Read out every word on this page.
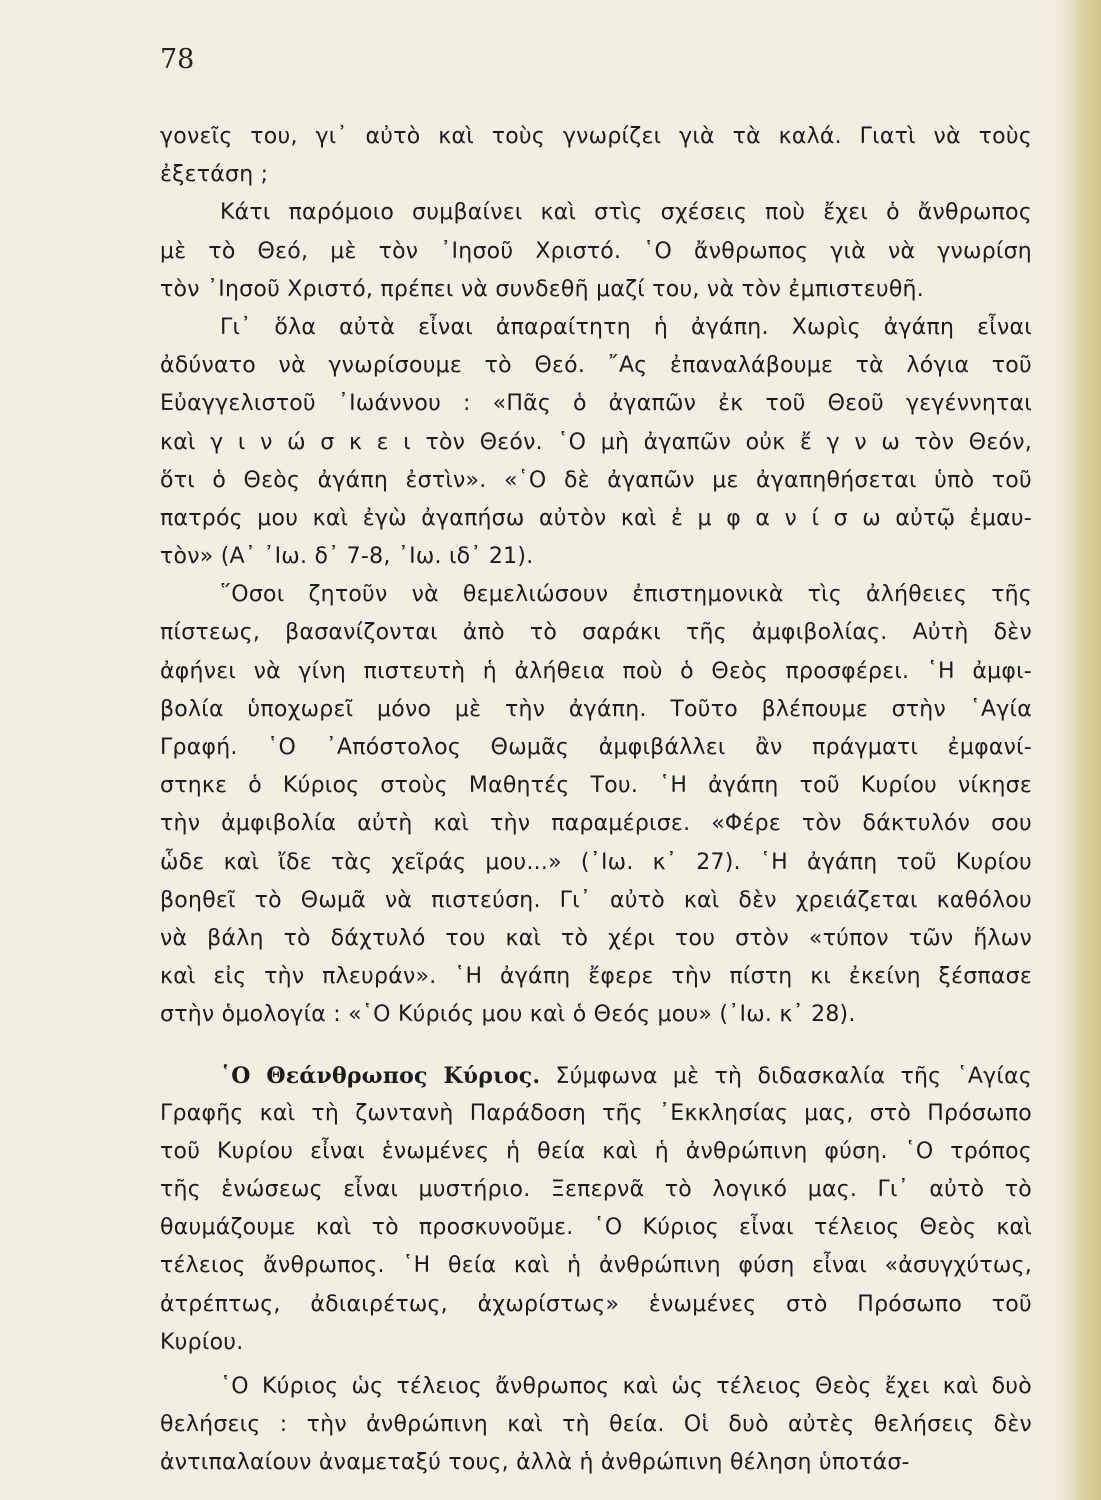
78
γονεῖς του, γι᾽ αὐτὸ καὶ τοὺς γνωρίζει γιὰ τὰ καλά. Γιατὶ νὰ τοὺς
ἐξετάση ;
Κάτι παρόμοιο συμβαίνει καὶ στὶς σχέσεις ποὺ ἔχει ὁ ἄνθρωπος
μὲ τὸ Θεό, μὲ τὸν ᾽Ιησοῦ Χριστό. ῾Ο ἄνθρωπος γιὰ νὰ γνωρίση
τὸν ᾽Ιησοῦ Χριστό, πρέπει νὰ συνδεθῆ μαζί του, νὰ τὸν ἐμπιστευθῆ.
Γι᾽ ὅλα αὐτὰ εἶναι ἀπαραίτητη ἡ ἀγάπη. Χωρὶς ἀγάπη εἶναι
ἀδύνατο νὰ γνωρίσουμε τὸ Θεό. ῎Ας ἐπαναλάβουμε τὰ λόγια τοῦ
Εὐαγγελιστοῦ ᾽Ιωάννου : «Πᾶς ὁ ἀγαπῶν ἐκ τοῦ Θεοῦ γεγέννηται
καὶ γ ι ν ώ σ κ ε ι τὸν Θεόν. ῾Ο μὴ ἀγαπῶν οὐκ ἔ γ ν ω τὸν Θεόν,
ὅτι ὁ Θεὸς ἀγάπη ἐστὶν». «῾Ο δὲ ἀγαπῶν με ἀγαπηθήσεται ὑπὸ τοῦ
πατρός μου καὶ ἐγὼ ἀγαπήσω αὐτὸν καὶ ἐ μ φ α ν ί σ ω αὐτῷ ἐμαυ-
τὸν» (Α᾽ ᾽Ιω. δ᾽ 7-8, ᾽Ιω. ιδ᾽ 21).
῞Οσοι ζητοῦν νὰ θεμελιώσουν ἐπιστημονικὰ τὶς ἀλήθειες τῆς
πίστεως, βασανίζονται ἀπὸ τὸ σαράκι τῆς ἀμφιβολίας. Αὐτὴ δὲν
ἀφήνει νὰ γίνη πιστευτὴ ἡ ἀλήθεια ποὺ ὁ Θεὸς προσφέρει. ῾Η ἀμφι-
βολία ὑποχωρεῖ μόνο μὲ τὴν ἀγάπη. Τοῦτο βλέπουμε στὴν ῾Αγία
Γραφή. ῾Ο ᾽Απόστολος Θωμᾶς ἀμφιβάλλει ἂν πράγματι ἐμφανί-
στηκε ὁ Κύριος στοὺς Μαθητές Του. ῾Η ἀγάπη τοῦ Κυρίου νίκησε
τὴν ἀμφιβολία αὐτὴ καὶ τὴν παραμέρισε. «Φέρε τὸν δάκτυλόν σου
ὧδε καὶ ἴδε τὰς χεῖράς μου...» (᾽Ιω. κ᾽ 27). ῾Η ἀγάπη τοῦ Κυρίου
βοηθεῖ τὸ Θωμᾶ νὰ πιστεύση. Γι᾽ αὐτὸ καὶ δὲν χρειάζεται καθόλου
νὰ βάλη τὸ δάχτυλό του καὶ τὸ χέρι του στὸν «τύπον τῶν ἥλων
καὶ εἰς τὴν πλευράν». ῾Η ἀγάπη ἔφερε τὴν πίστη κι ἐκείνη ξέσπασε
στὴν ὁμολογία : «῾Ο Κύριός μου καὶ ὁ Θεός μου» (᾽Ιω. κ᾽ 28).
῾Ο Θεάνθρωπος Κύριος. Σύμφωνα μὲ τὴ διδασκαλία τῆς ῾Αγίας
Γραφῆς καὶ τὴ ζωντανὴ Παράδοση τῆς ᾽Εκκλησίας μας, στὸ Πρόσωπο
τοῦ Κυρίου εἶναι ἑνωμένες ἡ θεία καὶ ἡ ἀνθρώπινη φύση. ῾Ο τρόπος
τῆς ἑνώσεως εἶναι μυστήριο. Ξεπερνᾶ τὸ λογικό μας. Γι᾽ αὐτὸ τὸ
θαυμάζουμε καὶ τὸ προσκυνοῦμε. ῾Ο Κύριος εἶναι τέλειος Θεὸς καὶ
τέλειος ἄνθρωπος. ῾Η θεία καὶ ἡ ἀνθρώπινη φύση εἶναι «ἀσυγχύτως,
ἀτρέπτως, ἀδιαιρέτως, ἀχωρίστως» ἑνωμένες στὸ Πρόσωπο τοῦ
Κυρίου.
῾Ο Κύριος ὡς τέλειος ἄνθρωπος καὶ ὡς τέλειος Θεὸς ἔχει καὶ δυὸ
θελήσεις : τὴν ἀνθρώπινη καὶ τὴ θεία. Οἱ δυὸ αὐτὲς θελήσεις δὲν
ἀντιπαλαίουν ἀναμεταξύ τους, ἀλλὰ ἡ ἀνθρώπινη θέληση ὑποτάσ-
